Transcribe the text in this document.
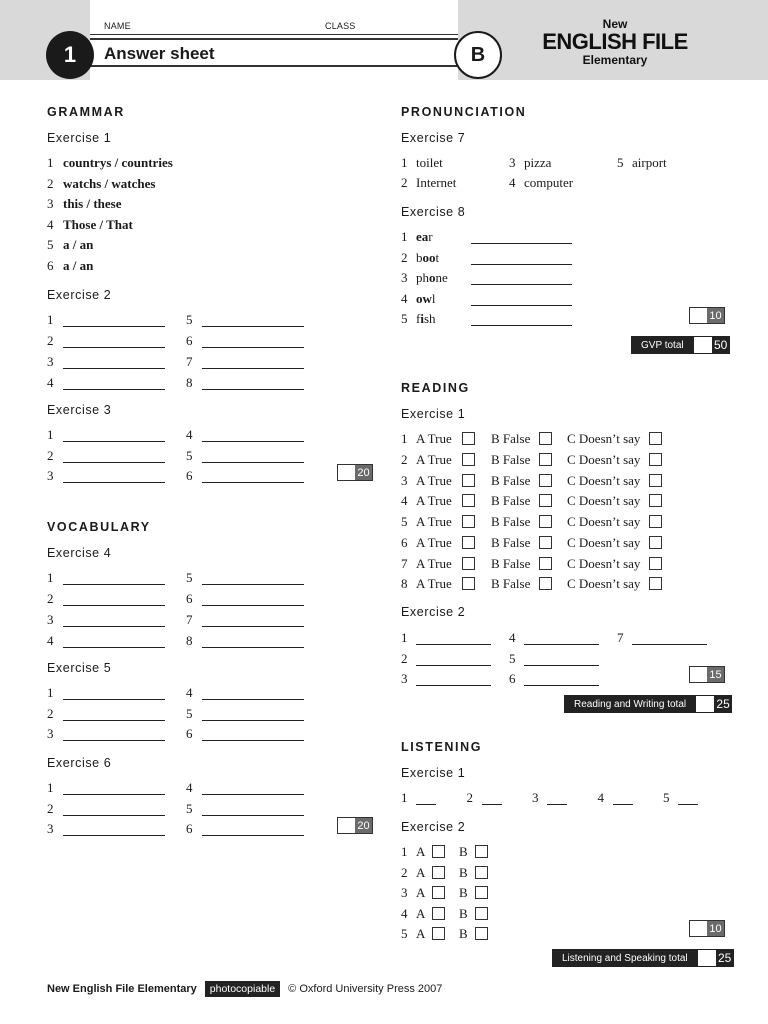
NAME	CLASS
1	Answer sheet	B
New
ENGLISH FILE
Elementary
GRAMMAR
Exercise 1
1 countrys / countries
2 watchs / watches
3 this / these
4 Those / That
5 a / an
6 a / an
Exercise 2
1
2
3
4
5
6
7
8
Exercise 3
1
2
3
4
5
6	20
VOCABULARY
Exercise 4
1
2
3
4
5
6
7
8
Exercise 5
1
2
3
4
5
6
Exercise 6
1
2
3
4
5
6	20
PRONUNCIATION
Exercise 7
1 toilet
2 Internet
3 pizza
4 computer
5 airport
Exercise 8
1 ear
2 boot
3 phone
4 owl
5 fish	10
GVP total	50
READING
Exercise 1
1 A True	B False	C Doesn’t say
2 A True	B False	C Doesn’t say
3 A True	B False	C Doesn’t say
4 A True	B False	C Doesn’t say
5 A True	B False	C Doesn’t say
6 A True	B False	C Doesn’t say
7 A True	B False	C Doesn’t say
8 A True	B False	C Doesn’t say
Exercise 2
1
2
3
4
5
6
7
15
Reading and Writing total	25
LISTENING
Exercise 1
1	2	3	4	5
Exercise 2
1 A	B
2 A	B
3 A	B
4 A	B
5 A	B	10
Listening and Speaking total	25
New English File Elementary	photocopiable	© Oxford University Press 2007
